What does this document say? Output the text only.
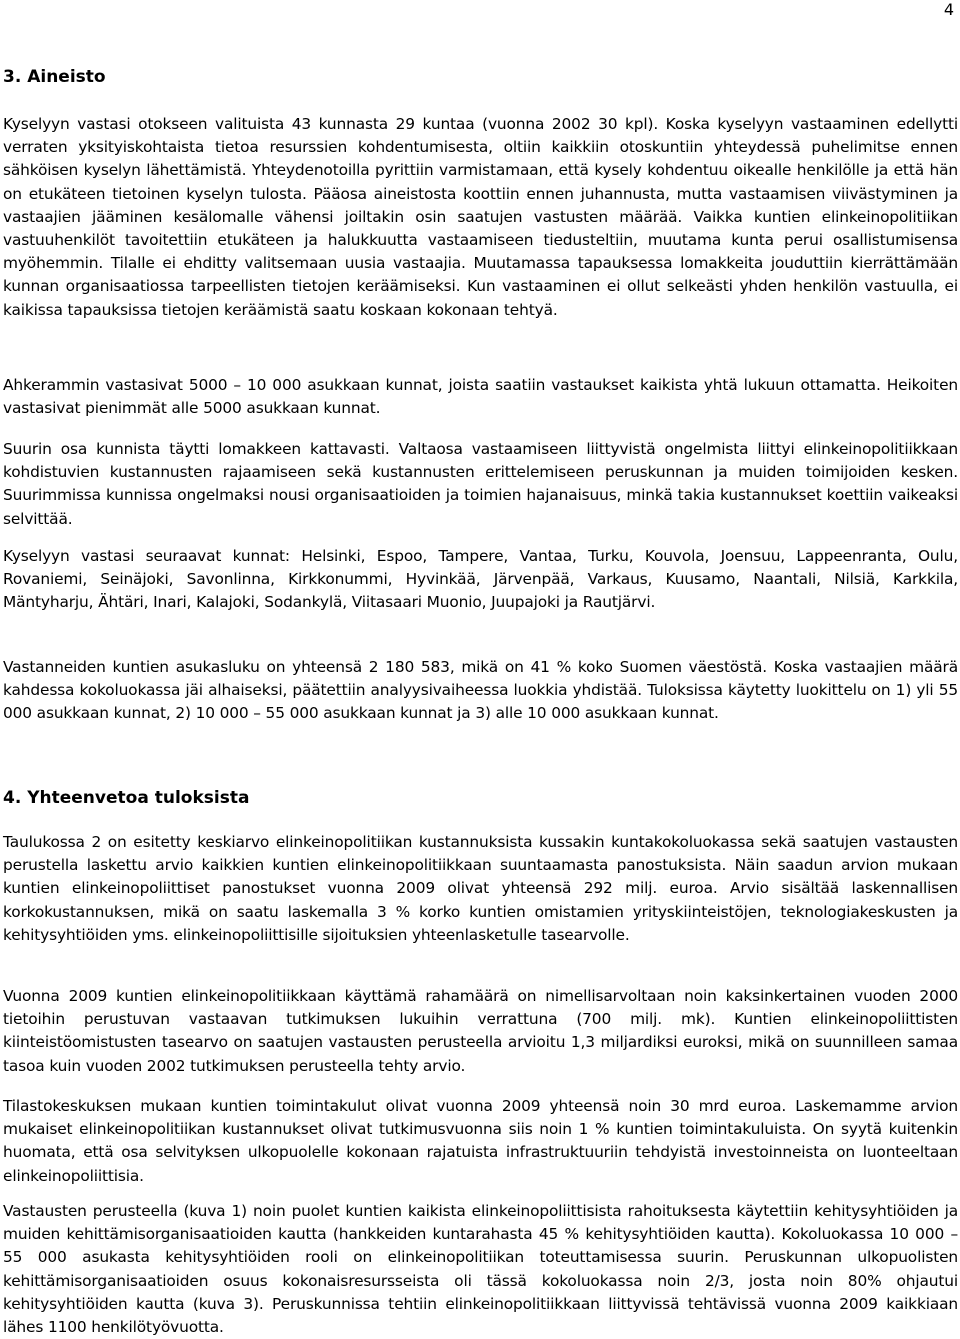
4
3. Aineisto

Kyselyyn vastasi otokseen valituista 43 kunnasta 29 kuntaa (vuonna 2002 30 kpl). Koska kyselyyn vastaaminen edellytti verraten yksityiskohtaista tietoa resurssien kohdentumisesta, oltiin kaikkiin otoskuntiin yhteydessä puhelimitse ennen sähköisen kyselyn lähettämistä. Yhteydenotoilla pyrittiin varmistamaan, että kysely kohdentuu oikealle henkilölle ja että hän on etukäteen tietoinen kyselyn tulosta. Pääosa aineistosta koottiin ennen juhannusta, mutta vastaamisen viivästyminen ja vastaajien jääminen kesälomalle vähensi joiltakin osin saatujen vastusten määrää. Vaikka kuntien elinkeinopolitiikan vastuuhenkilöt tavoitettiin etukäteen ja halukkuutta vastaamiseen tiedusteltiin, muutama kunta perui osallistumisensa myöhemmin. Tilalle ei ehditty valitsemaan uusia vastaajia. Muutamassa tapauksessa lomakkeita jouduttiin kierrättämään kunnan organisaatiossa tarpeellisten tietojen keräämiseksi. Kun vastaaminen ei ollut selkeästi yhden henkilön vastuulla, ei kaikissa tapauksissa tietojen keräämistä saatu koskaan kokonaan tehtyä.

Ahkerammin vastasivat 5000 – 10 000 asukkaan kunnat, joista saatiin vastaukset kaikista yhtä lukuun ottamatta. Heikoiten vastasivat pienimmät alle 5000 asukkaan kunnat.

Suurin osa kunnista täytti lomakkeen kattavasti. Valtaosa vastaamiseen liittyvistä ongelmista liittyi elinkeinopolitiikkaan kohdistuvien kustannusten rajaamiseen sekä kustannusten erittelemiseen peruskunnan ja muiden toimijoiden kesken. Suurimmissa kunnissa ongelmaksi nousi organisaatioiden ja toimien hajanaisuus, minkä takia kustannukset koettiin vaikeaksi selvittää.

Kyselyyn vastasi seuraavat kunnat: Helsinki, Espoo, Tampere, Vantaa, Turku, Kouvola, Joensuu, Lappeenranta, Oulu, Rovaniemi, Seinäjoki, Savonlinna, Kirkkonummi, Hyvinkää, Järvenpää, Varkaus, Kuusamo, Naantali, Nilsiä, Karkkila, Mäntyharju, Ähtäri, Inari, Kalajoki, Sodankylä, Viitasaari Muonio, Juupajoki ja Rautjärvi.

Vastanneiden kuntien asukasluku on yhteensä 2 180 583, mikä on 41 % koko Suomen väestöstä. Koska vastaajien määrä kahdessa kokoluokassa jäi alhaiseksi, päätettiin analyysivaiheessa luokkia yhdistää. Tuloksissa käytetty luokittelu on 1) yli 55 000 asukkaan kunnat, 2) 10 000 – 55 000 asukkaan kunnat ja 3) alle 10 000 asukkaan kunnat.

4. Yhteenvetoa tuloksista

Taulukossa 2 on esitetty keskiarvo elinkeinopolitiikan kustannuksista kussakin kuntakokoluokassa sekä saatujen vastausten perustella laskettu arvio kaikkien kuntien elinkeinopolitiikkaan suuntaamasta panostuksista. Näin saadun arvion mukaan kuntien elinkeinopoliittiset panostukset vuonna 2009 olivat yhteensä 292 milj. euroa. Arvio sisältää laskennallisen korkokustannuksen, mikä on saatu laskemalla 3 % korko kuntien omistamien yrityskiinteistöjen, teknologiakeskusten ja kehitysyhtiöiden yms. elinkeinopoliittisille sijoituksien yhteenlasketulle tasearvolle.

Vuonna 2009 kuntien elinkeinopolitiikkaan käyttämä rahamäärä on nimellisarvoltaan noin kaksinkertainen vuoden 2000 tietoihin perustuvan vastaavan tutkimuksen lukuihin verrattuna (700 milj. mk). Kuntien elinkeinopoliittisten kiinteistöomistusten tasearvo on saatujen vastausten perusteella arvioitu 1,3 miljardiksi euroksi, mikä on suunnilleen samaa tasoa kuin vuoden 2002 tutkimuksen perusteella tehty arvio.

Tilastokeskuksen mukaan kuntien toimintakulut olivat vuonna 2009 yhteensä noin 30 mrd euroa. Laskemamme arvion mukaiset elinkeinopolitiikan kustannukset olivat tutkimusvuonna siis noin 1 % kuntien toimintakuluista. On syytä kuitenkin huomata, että osa selvityksen ulkopuolelle kokonaan rajatuista infrastruktuuriin tehdyistä investoinneista on luonteeltaan elinkeinopoliittisia.

Vastausten perusteella (kuva 1) noin puolet kuntien kaikista elinkeinopoliittisista rahoituksesta käytettiin kehitysyhtiöiden ja muiden kehittämisorganisaatioiden kautta (hankkeiden kuntarahasta 45 % kehitysyhtiöiden kautta). Kokoluokassa 10 000 – 55 000 asukasta kehitysyhtiöiden rooli on elinkeinopolitiikan toteuttamisessa suurin. Peruskunnan ulkopuolisten kehittämisorganisaatioiden osuus kokonaisresursseista oli tässä kokoluokassa noin 2/3, josta noin 80% ohjautui kehitysyhtiöiden kautta (kuva 3). Peruskunnissa tehtiin elinkeinopolitiikkaan liittyvissä tehtävissä vuonna 2009 kaikkiaan lähes 1100 henkilötyövuotta.
